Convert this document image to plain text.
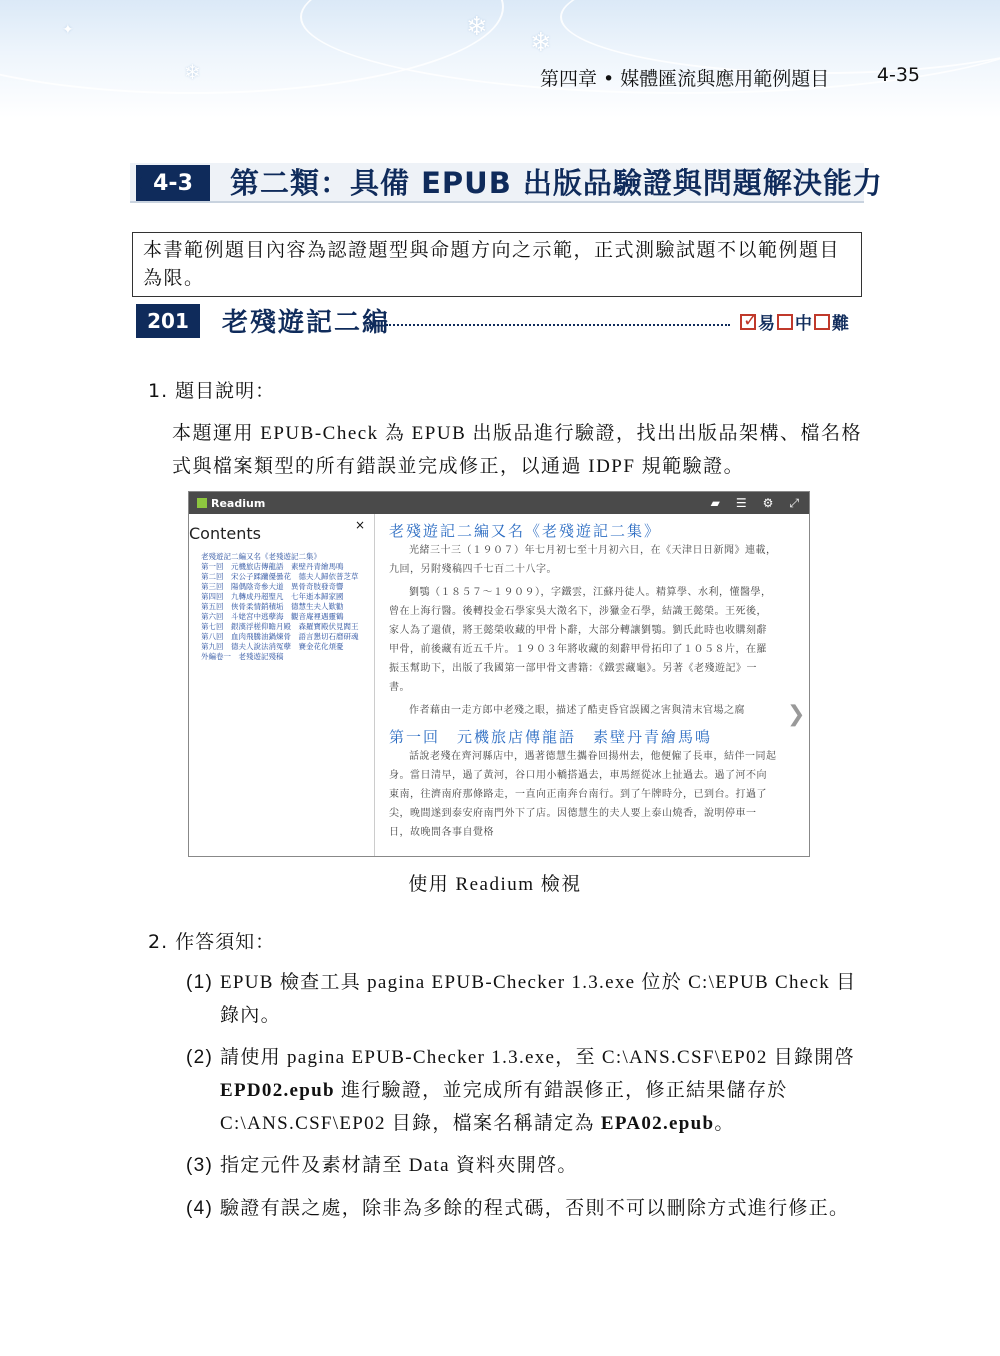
❄
❄
❄
✦
第四章 • 媒體匯流與應用範例題目	4-35
4-3	第二類：具備 EPUB 出版品驗證與問題解決能力
本書範例題目內容為認證題型與命題方向之示範，正式測驗試題不以範例題目為限。
201	老殘遊記二編
✓	易 中 難
1. 題目說明：
本題運用 EPUB-Check 為 EPUB 出版品進行驗證，找出出版品架構、檔名格式與檔案類型的所有錯誤並完成修正，以通過 IDPF 規範驗證。
Readium	▰ ☰ ⚙ ⤢
Contents	×
老殘遊記二編又名《老殘遊記二集》
第一回　元機旅店傳龍語　素壁丹青繪馬鳴
第二回　宋公子蹂躪優曇花　德夫人歸依普芝草
第三回　陽偶陰奇參大道　異骨奇肢發奇響
第四回　九轉成丹超聖凡　七年逝本歸家國
第五回　俠骨柔情銷積垢　德慧生夫人歎勸
第六回　斗姥宮中逃孽海　觀音庵裡遇靈鶴
第七回　銀漢浮槎仰瞻月殿　森羅寶殿伏見閻王
第八回　血肉飛騰油鍋煉骨　語言懇切石磨研魂
第九回　德夫人說法消冤孽　賽金花化煩憂
外編卷一　老殘遊記殘稿
老殘遊記二編又名《老殘遊記二集》

光緒三十三（１９０７）年七月初七至十月初六日，在《天津日日新聞》連載，九回，另附殘稿四千七百二十八字。

劉鶚（１８５７～１９０９），字鐵雲，江蘇丹徒人。精算學、水利，懂醫學，曾在上海行醫。後轉投金石學家吳大澂名下，涉獵金石學，結識王懿榮。王死後，家人為了還債，將王懿榮收藏的甲骨卜辭，大部分轉讓劉鶚。劉氏此時也收購刻辭甲骨，前後藏有近五千片。１９０３年將收藏的刻辭甲骨拓印了１０５８片，在羅振玉幫助下，出版了我國第一部甲骨文書籍：《鐵雲藏龜》。另著《老殘遊記》一書。

作者藉由一走方郎中老殘之眼，描述了酷吏昏官誤國之害與清末官場之腐

第一回　元機旅店傳龍語　素壁丹青繪馬鳴

話說老殘在齊河縣店中，遇著德慧生攜眷回揚州去，他便僱了長車，結伴一同起身。當日清早，過了黃河，谷口用小轎搭過去，車馬經從冰上扯過去。過了河不向東南，往濟南府那條路走，一直向正南奔台南行。到了午牌時分，已到台。打過了尖，晚間遂到泰安府南門外下了店。因德慧生的夫人要上泰山燒香，說明停車一日，故晚間各事自覺格

❯
使用 Readium 檢視
2. 作答須知：
(1) EPUB 檢查工具 pagina EPUB-Checker 1.3.exe 位於 C:\EPUB Check 目錄內。
(2) 請使用 pagina EPUB-Checker 1.3.exe，至 C:\ANS.CSF\EP02 目錄開啓 EPD02.epub 進行驗證，並完成所有錯誤修正，修正結果儲存於 C:\ANS.CSF\EP02 目錄，檔案名稱請定為 EPA02.epub。
(3) 指定元件及素材請至 Data 資料夾開啓。
(4) 驗證有誤之處，除非為多餘的程式碼，否則不可以刪除方式進行修正。
